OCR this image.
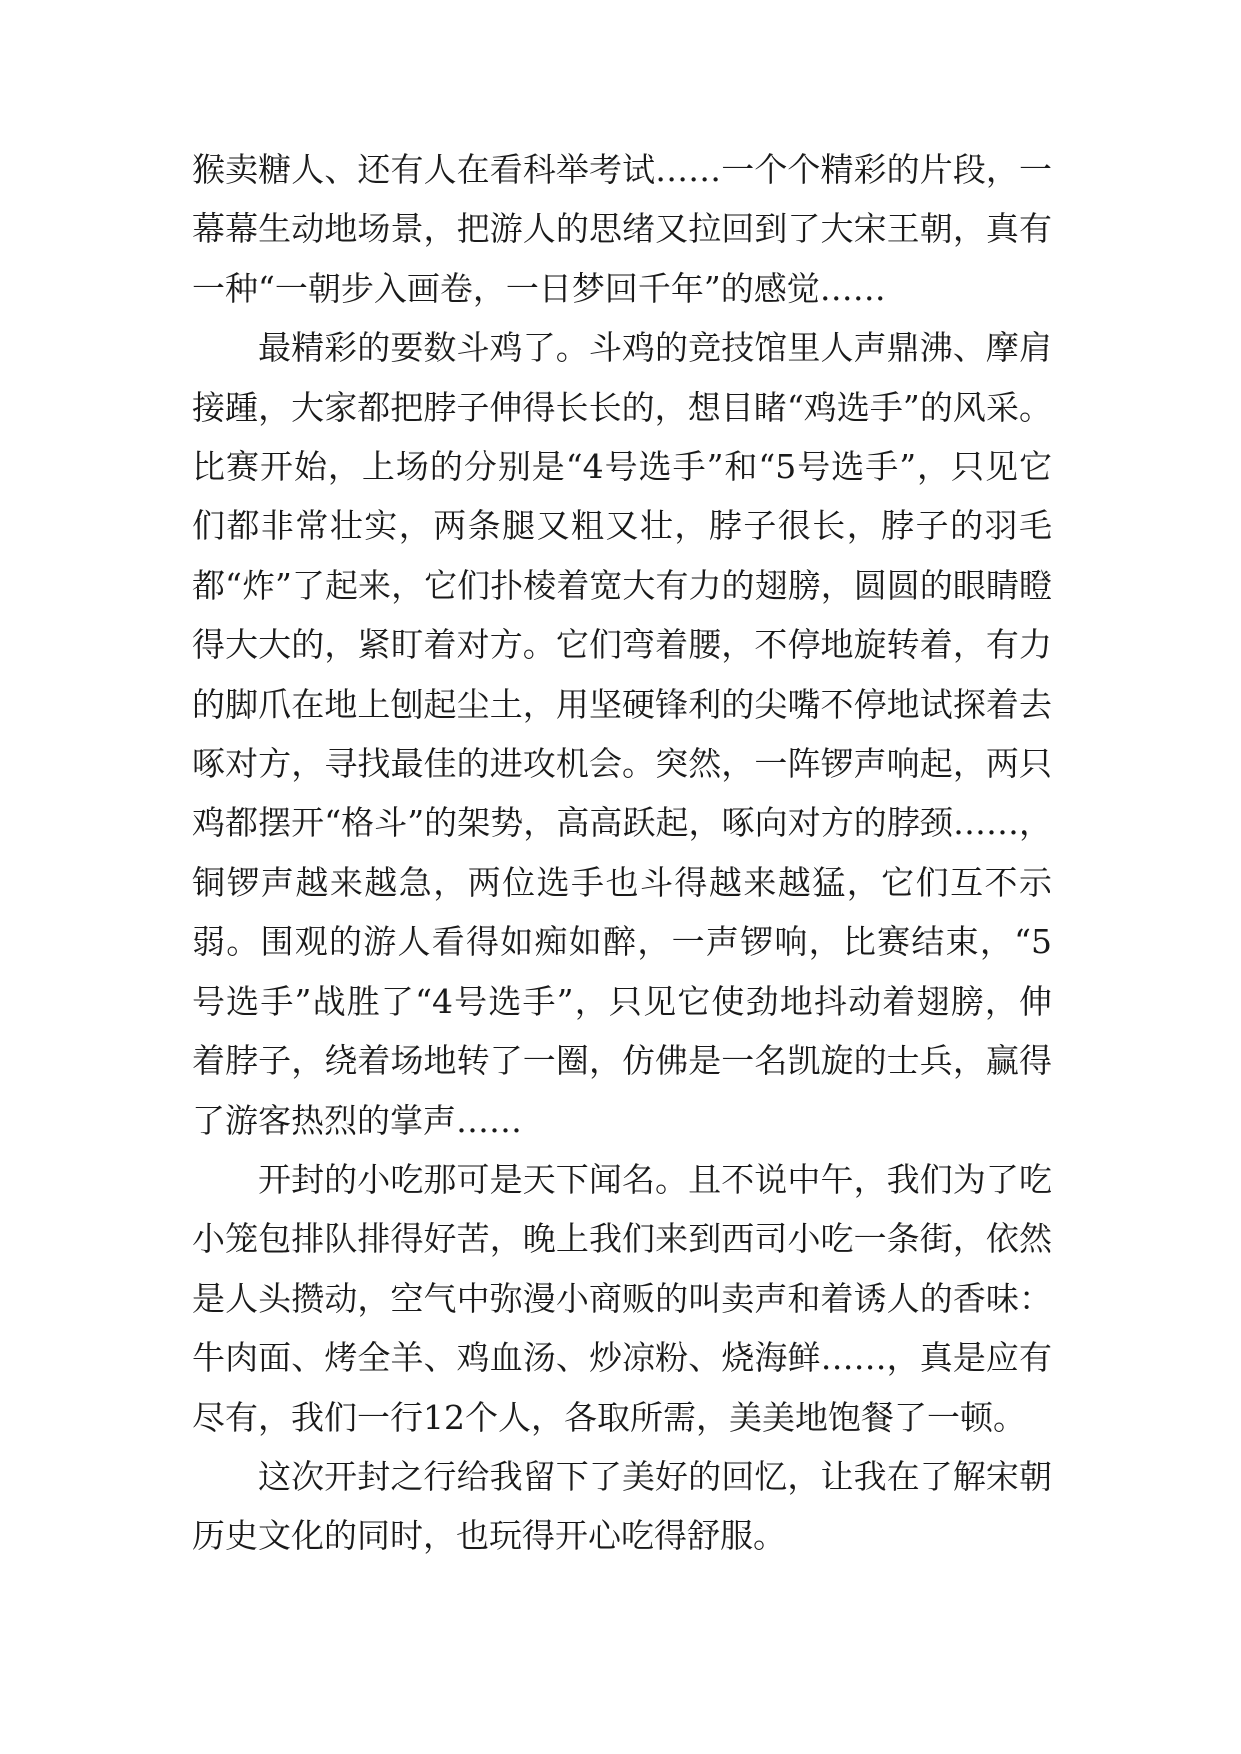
猴卖糖人、还有人在看科举考试……一个个精彩的片段，一幕幕生动地场景，把游人的思绪又拉回到了大宋王朝，真有一种“一朝步入画卷，一日梦回千年”的感觉……

最精彩的要数斗鸡了。斗鸡的竞技馆里人声鼎沸、摩肩接踵，大家都把脖子伸得长长的，想目睹“鸡选手”的风采。比赛开始，上场的分别是“4号选手”和“5号选手”，只见它们都非常壮实，两条腿又粗又壮，脖子很长，脖子的羽毛都“炸”了起来，它们扑棱着宽大有力的翅膀，圆圆的眼睛瞪得大大的，紧盯着对方。它们弯着腰，不停地旋转着，有力的脚爪在地上刨起尘土，用坚硬锋利的尖嘴不停地试探着去啄对方，寻找最佳的进攻机会。突然，一阵锣声响起，两只鸡都摆开“格斗”的架势，高高跃起，啄向对方的脖颈……，铜锣声越来越急，两位选手也斗得越来越猛，它们互不示弱。围观的游人看得如痴如醉，一声锣响，比赛结束，“5号选手”战胜了“4号选手”，只见它使劲地抖动着翅膀，伸着脖子，绕着场地转了一圈，仿佛是一名凯旋的士兵，赢得了游客热烈的掌声……

开封的小吃那可是天下闻名。且不说中午，我们为了吃小笼包排队排得好苦，晚上我们来到西司小吃一条街，依然是人头攒动，空气中弥漫小商贩的叫卖声和着诱人的香味：牛肉面、烤全羊、鸡血汤、炒凉粉、烧海鲜……，真是应有尽有，我们一行12个人，各取所需，美美地饱餐了一顿。

这次开封之行给我留下了美好的回忆，让我在了解宋朝历史文化的同时，也玩得开心吃得舒服。
